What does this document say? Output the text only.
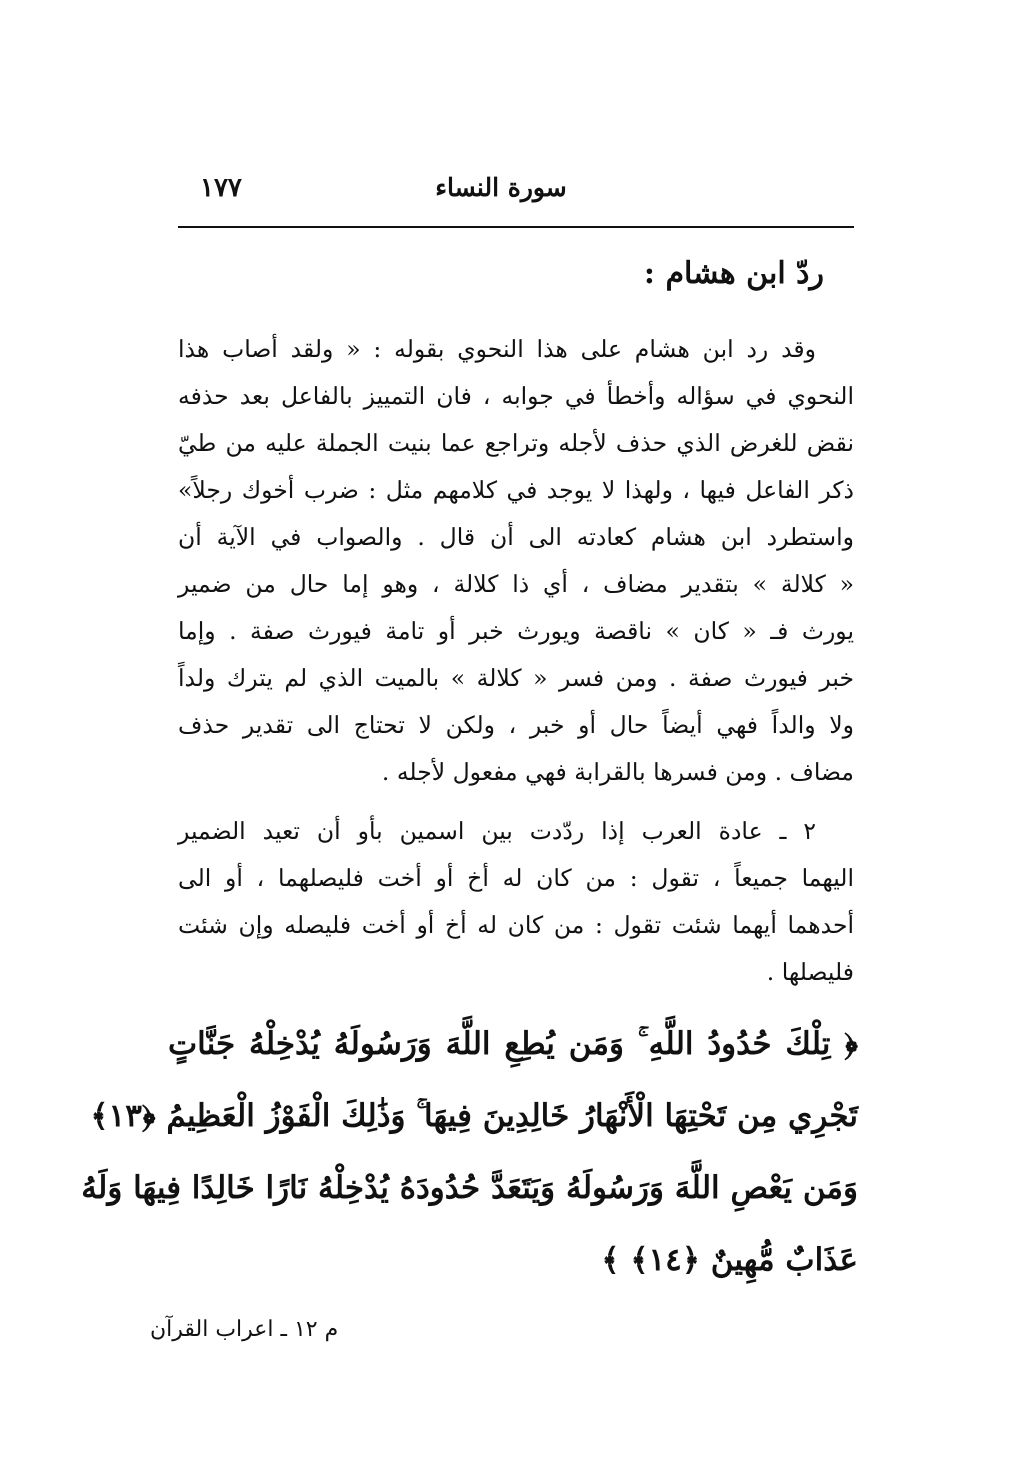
سورة النساء
١٧٧
ردّ ابن هشام :
وقد رد ابن هشام على هذا النحوي بقوله : « ولقد أصاب هذا
النحوي في سؤاله وأخطأ في جوابه ، فان التمييز بالفاعل بعد حذفه
نقض للغرض الذي حذف لأجله وتراجع عما بنيت الجملة عليه من طيّ
ذكر الفاعل فيها ، ولهذا لا يوجد في كلامهم مثل : ضرب أخوك رجلاً»
واستطرد ابن هشام كعادته الى أن قال . والصواب في الآية أن
« كلالة » بتقدير مضاف ، أي ذا كلالة ، وهو إما حال من ضمير
يورث فـ « كان » ناقصة ويورث خبر أو تامة فيورث صفة . وإما
خبر فيورث صفة . ومن فسر « كلالة » بالميت الذي لم يترك ولداً
ولا والداً فهي أيضاً حال أو خبر ، ولكن لا تحتاج الى تقدير حذف
مضاف . ومن فسرها بالقرابة فهي مفعول لأجله .
٢ ـ عادة العرب إذا ردّدت بين اسمين بأو أن تعيد الضمير
اليهما جميعاً ، تقول : من كان له أخ أو أخت فليصلهما ، أو الى
أحدهما أيهما شئت تقول : من كان له أخ أو أخت فليصله وإن شئت
فليصلها .
﴿ تِلْكَ حُدُودُ اللَّهِ ۚ وَمَن يُطِعِ اللَّهَ وَرَسُولَهُ يُدْخِلْهُ جَنَّاتٍ
تَجْرِي مِن تَحْتِهَا الْأَنْهَارُ خَالِدِينَ فِيهَا ۚ وَذَٰلِكَ الْفَوْزُ الْعَظِيمُ ﴿١٣﴾
وَمَن يَعْصِ اللَّهَ وَرَسُولَهُ وَيَتَعَدَّ حُدُودَهُ يُدْخِلْهُ نَارًا خَالِدًا فِيهَا وَلَهُ
عَذَابٌ مُّهِينٌ ﴿١٤﴾ ﴾
م ١٢ ـ اعراب القرآن
